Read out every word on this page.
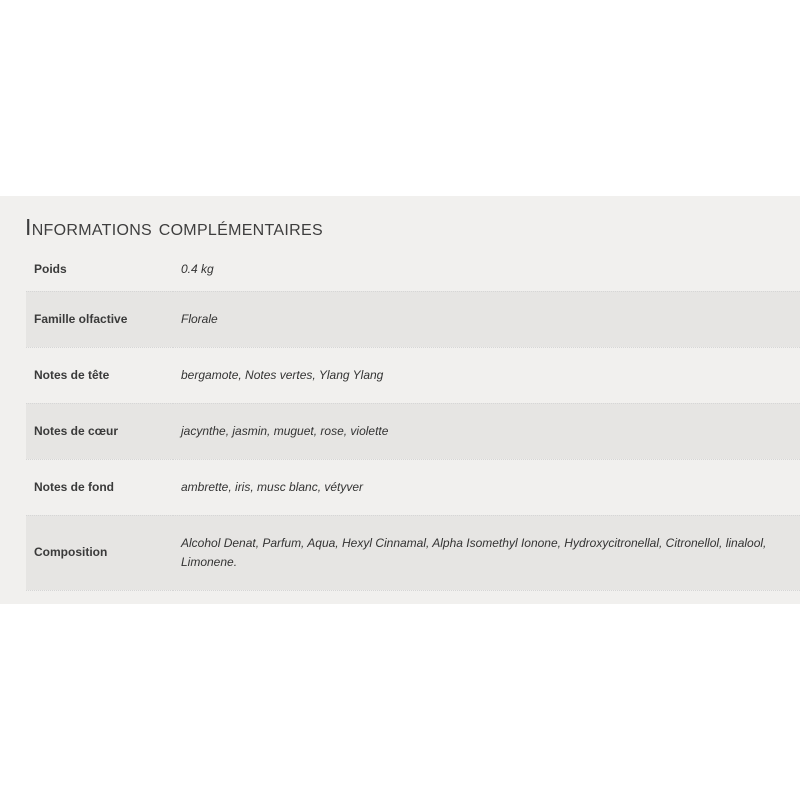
Informations complémentaires
Poids	0.4 kg
Famille olfactive	Florale
Notes de tête	bergamote, Notes vertes, Ylang Ylang
Notes de cœur	jacynthe, jasmin, muguet, rose, violette
Notes de fond	ambrette, iris, musc blanc, vétyver
Composition	Alcohol Denat, Parfum, Aqua, Hexyl Cinnamal, Alpha Isomethyl Ionone, Hydroxycitronellal, Citronellol, linalool, Limonene.
